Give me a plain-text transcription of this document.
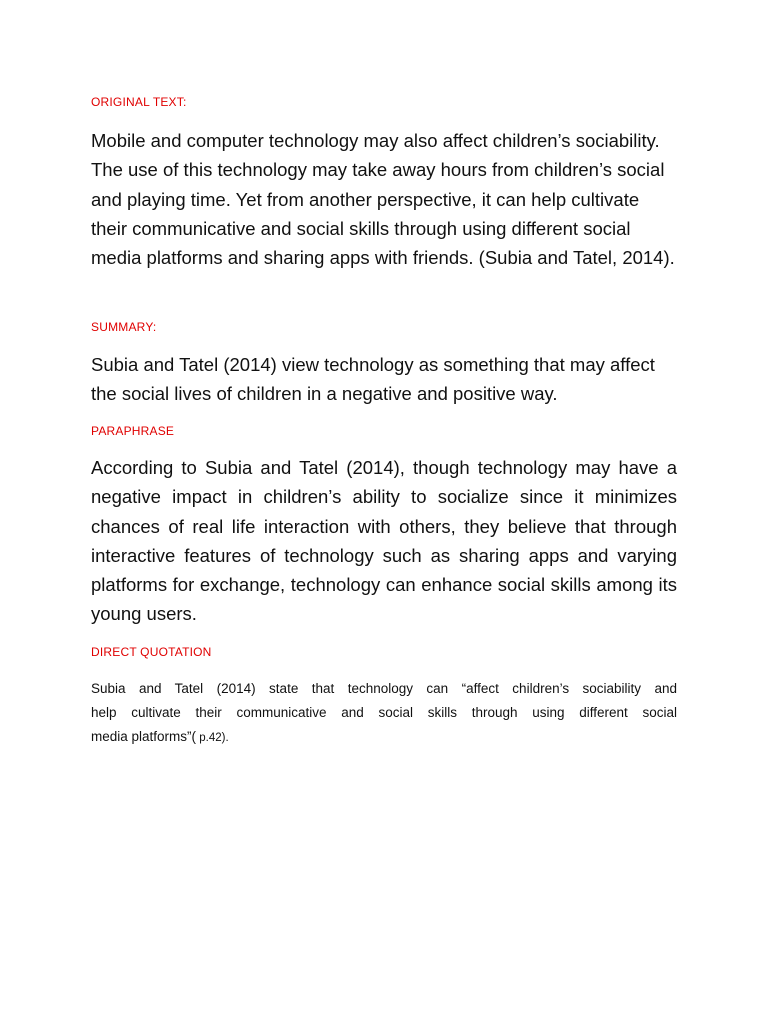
ORIGINAL TEXT:
Mobile and computer technology may also affect children’s sociability.
The use of this technology may take away hours from children’s social
and playing time. Yet from another perspective, it can help cultivate
their communicative and social skills through using different social
media platforms and sharing apps with friends. (Subia and Tatel, 2014).
SUMMARY:
Subia and Tatel (2014) view technology as something that may affect
the social lives of children in a negative and positive way.
PARAPHRASE
According to Subia and Tatel (2014), though technology may have a
negative impact in children’s ability to socialize since it minimizes
chances of real life interaction with others, they believe that through
interactive features of technology such as sharing apps and varying
platforms for exchange, technology can enhance social skills among its
young users.
DIRECT QUOTATION
Subia and Tatel (2014) state that technology can “affect children’s sociability and
help cultivate their communicative and social skills through using different social
media platforms”( p.42).
